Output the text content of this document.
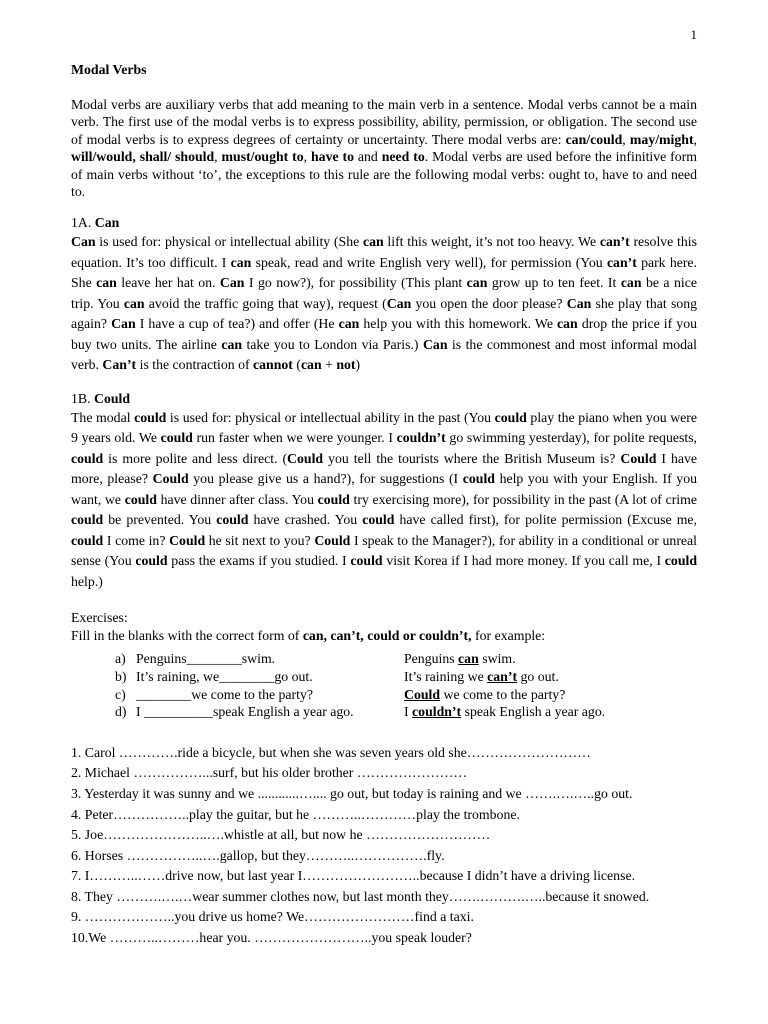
1

Modal Verbs

Modal verbs are auxiliary verbs that add meaning to the main verb in a sentence. Modal verbs cannot be a main verb. The first use of the modal verbs is to express possibility, ability, permission, or obligation. The second use of modal verbs is to express degrees of certainty or uncertainty. There modal verbs are: can/could, may/might, will/would, shall/ should, must/ought to, have to and need to. Modal verbs are used before the infinitive form of main verbs without ‘to’, the exceptions to this rule are the following modal verbs: ought to, have to and need to.

1A. Can

Can is used for: physical or intellectual ability (She can lift this weight, it’s not too heavy. We can’t resolve this equation. It’s too difficult. I can speak, read and write English very well), for permission (You can’t park here. She can leave her hat on. Can I go now?), for possibility (This plant can grow up to ten feet. It can be a nice trip. You can avoid the traffic going that way), request (Can you open the door please? Can she play that song again? Can I have a cup of tea?) and offer (He can help you with this homework. We can drop the price if you buy two units. The airline can take you to London via Paris.) Can is the commonest and most informal modal verb. Can’t is the contraction of cannot (can + not)

1B. Could

The modal could is used for: physical or intellectual ability in the past (You could play the piano when you were 9 years old. We could run faster when we were younger. I couldn’t go swimming yesterday), for polite requests, could is more polite and less direct. (Could you tell the tourists where the British Museum is? Could I have more, please? Could you please give us a hand?), for suggestions (I could help you with your English. If you want, we could have dinner after class. You could try exercising more), for possibility in the past (A lot of crime could be prevented. You could have crashed. You could have called first), for polite permission (Excuse me, could I come in? Could he sit next to you? Could I speak to the Manager?), for ability in a conditional or unreal sense (You could pass the exams if you studied. I could visit Korea if I had more money. If you call me, I could help.)

Exercises:

Fill in the blanks with the correct form of can, can’t, could or couldn’t, for example:

a) Penguins________swim.	Penguins can swim.
b) It’s raining, we________go out.	It’s raining we can’t go out.
c) ________we come to the party?	Could we come to the party?
d) I __________speak English a year ago.	I couldn’t speak English a year ago.
1. Carol ………….ride a bicycle, but when she was seven years old she………………………
2. Michael ……………...surf, but his older brother ……………………
3. Yesterday it was sunny and we ............….... go out, but today is raining and we …….….…..go out.
4. Peter……………..play the guitar, but he ………..…………play the trombone.
5. Joe…………………..….whistle at all, but now he ………………………
6. Horses ……………..….gallop, but they………..…………….fly.
7. I………..……drive now, but last year I……………………..because I didn’t have a driving license.
8. They ……….….…wear summer clothes now, but last month they…….……….…..because it snowed.
9. ………………..you drive us home? We……………………find a taxi.
10.We ………..………hear you. ……………………..you speak louder?
